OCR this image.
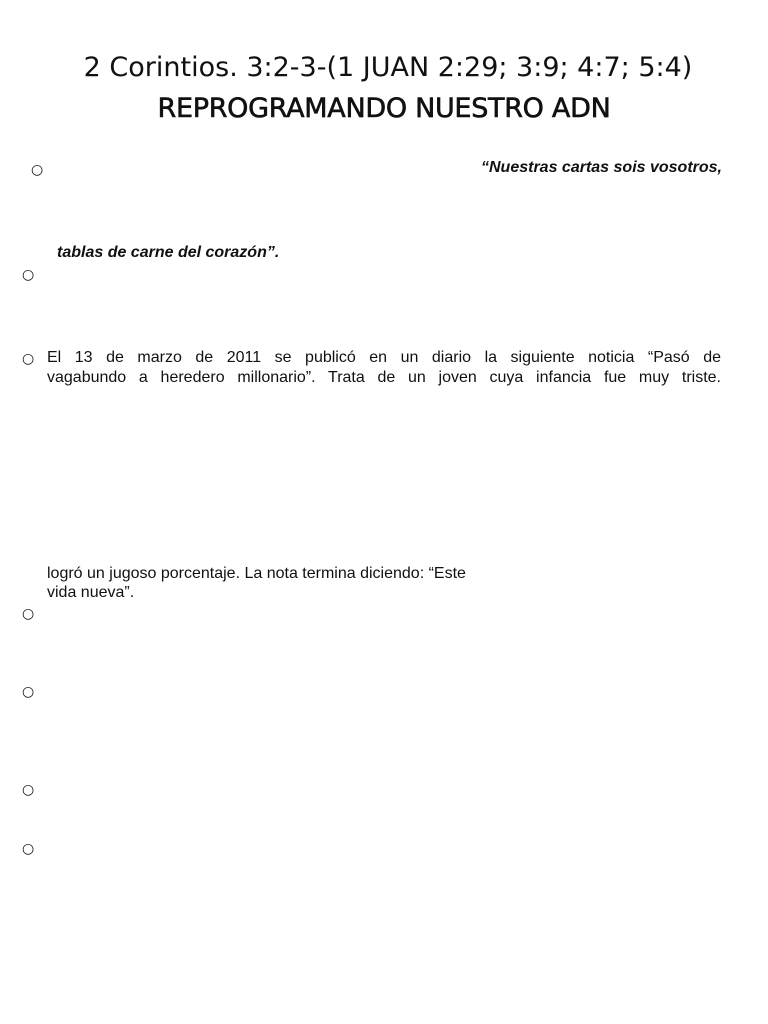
2 Corintios. 3:2-3-(1 JUAN 2:29; 3:9; 4:7; 5:4)
REPROGRAMANDO NUESTRO ADN
○	“Nuestras cartas sois vosotros,
tablas de carne del corazón”.
○
○ El 13 de marzo de 2011 se publicó en un diario la siguiente noticia “Pasó de
vagabundo a heredero millonario”. Trata de un joven cuya infancia fue muy triste.
logró un jugoso porcentaje. La nota termina diciendo: “Este
vida nueva”.
○
○
○
○
